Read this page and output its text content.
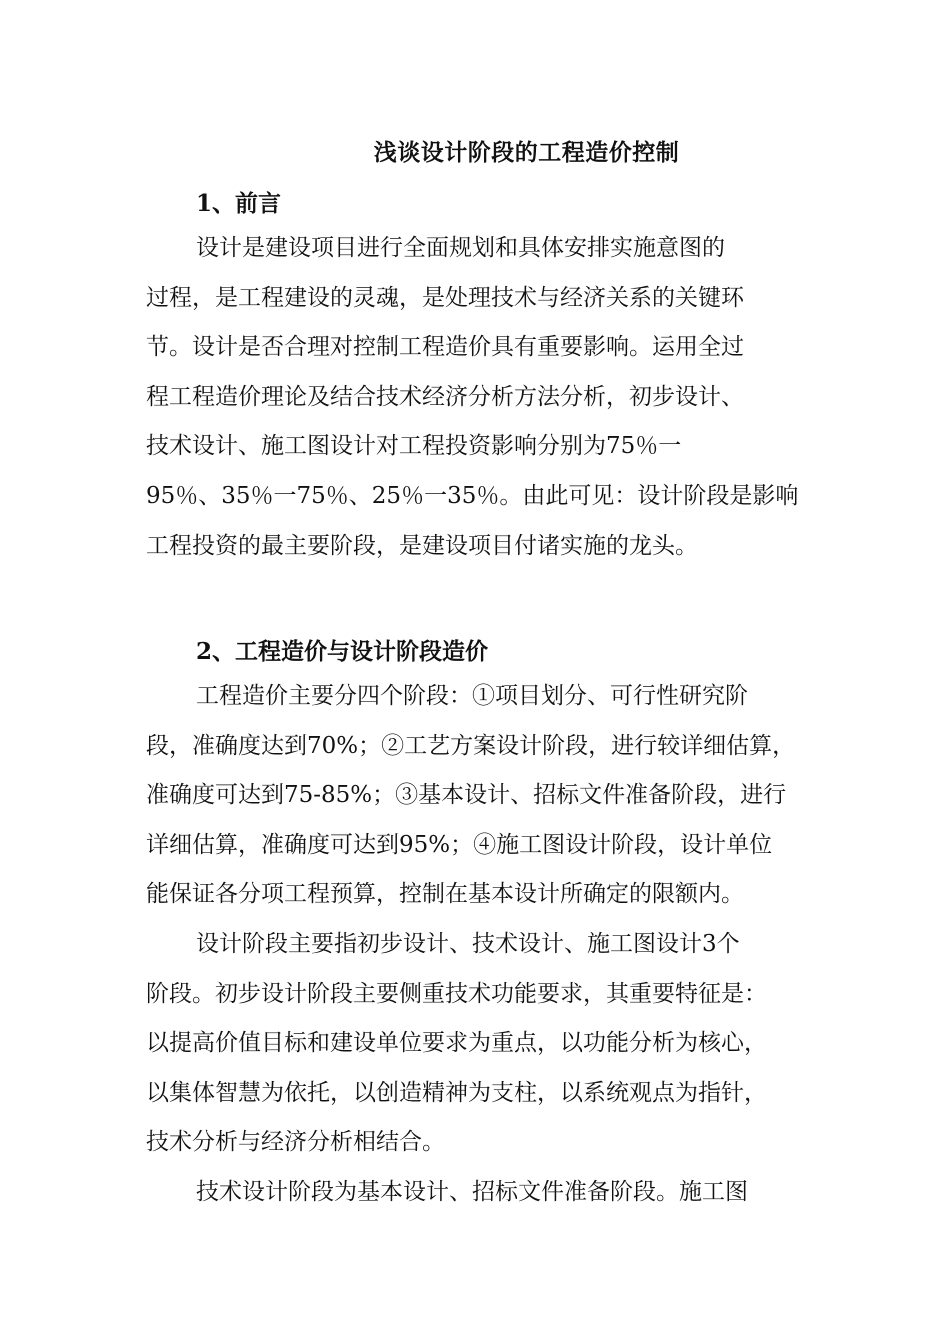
浅谈设计阶段的工程造价控制
1、前言
设计是建设项目进行全面规划和具体安排实施意图的
过程，是工程建设的灵魂，是处理技术与经济关系的关键环
节。设计是否合理对控制工程造价具有重要影响。运用全过
程工程造价理论及结合技术经济分析方法分析，初步设计、
技术设计、施工图设计对工程投资影响分别为75％一
95％、35％一75％、25％一35％。由此可见：设计阶段是影响
工程投资的最主要阶段，是建设项目付诸实施的龙头。
2、工程造价与设计阶段造价
工程造价主要分四个阶段：①项目划分、可行性研究阶
段，准确度达到70%；②工艺方案设计阶段，进行较详细估算，
准确度可达到75-85%；③基本设计、招标文件准备阶段，进行
详细估算，准确度可达到95%；④施工图设计阶段，设计单位
能保证各分项工程预算，控制在基本设计所确定的限额内。
设计阶段主要指初步设计、技术设计、施工图设计3个
阶段。初步设计阶段主要侧重技术功能要求，其重要特征是：
以提高价值目标和建设单位要求为重点，以功能分析为核心，
以集体智慧为依托，以创造精神为支柱，以系统观点为指针，
技术分析与经济分析相结合。
技术设计阶段为基本设计、招标文件准备阶段。施工图
